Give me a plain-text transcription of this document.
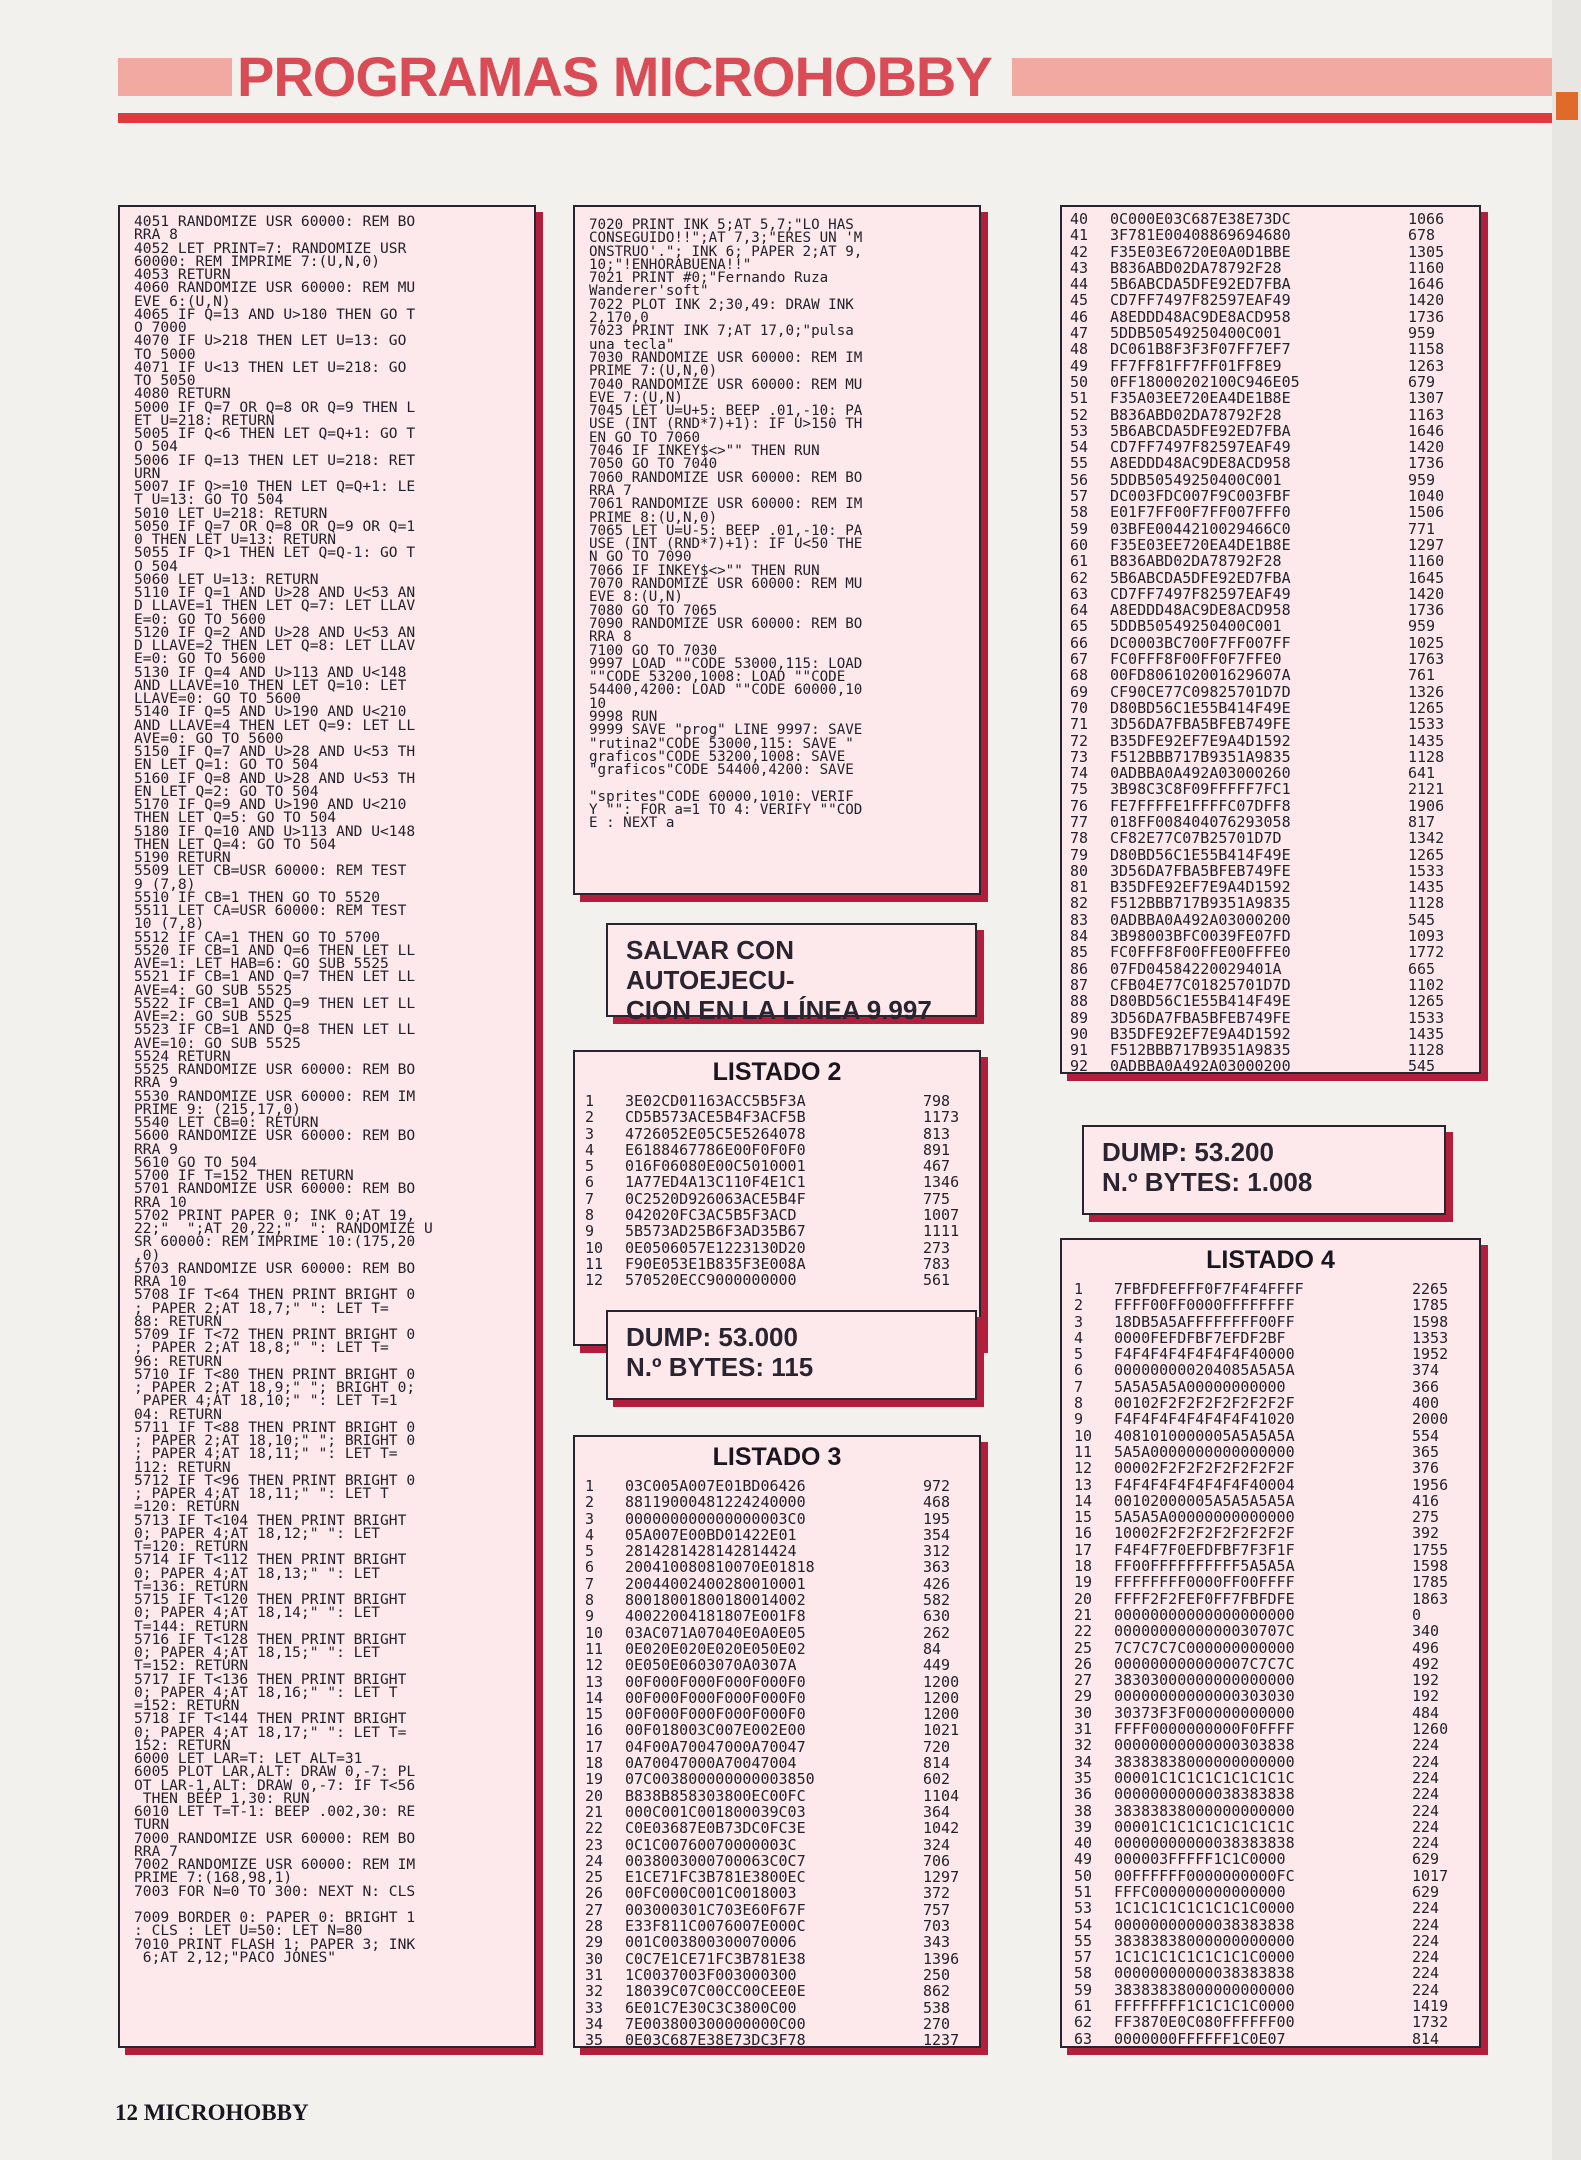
PROGRAMAS MICROHOBBY
4051 RANDOMIZE USR 60000: REM BO
RRA 8
4052 LET PRINT=7: RANDOMIZE USR
60000: REM IMPRIME 7:(U,N,0)
4053 RETURN
4060 RANDOMIZE USR 60000: REM MU
EVE 6:(U,N)
4065 IF Q=13 AND U>180 THEN GO T
O 7000
4070 IF U>218 THEN LET U=13: GO
TO 5000
4071 IF U<13 THEN LET U=218: GO
TO 5050
4080 RETURN
5000 IF Q=7 OR Q=8 OR Q=9 THEN L
ET U=218: RETURN
5005 IF Q<6 THEN LET Q=Q+1: GO T
O 504
5006 IF Q=13 THEN LET U=218: RET
URN
5007 IF Q>=10 THEN LET Q=Q+1: LE
T U=13: GO TO 504
5010 LET U=218: RETURN
5050 IF Q=7 OR Q=8 OR Q=9 OR Q=1
0 THEN LET U=13: RETURN
5055 IF Q>1 THEN LET Q=Q-1: GO T
O 504
5060 LET U=13: RETURN
5110 IF Q=1 AND U>28 AND U<53 AN
D LLAVE=1 THEN LET Q=7: LET LLAV
E=0: GO TO 5600
5120 IF Q=2 AND U>28 AND U<53 AN
D LLAVE=2 THEN LET Q=8: LET LLAV
E=0: GO TO 5600
5130 IF Q=4 AND U>113 AND U<148
AND LLAVE=10 THEN LET Q=10: LET
LLAVE=0: GO TO 5600
5140 IF Q=5 AND U>190 AND U<210
AND LLAVE=4 THEN LET Q=9: LET LL
AVE=0: GO TO 5600
5150 IF Q=7 AND U>28 AND U<53 TH
EN LET Q=1: GO TO 504
5160 IF Q=8 AND U>28 AND U<53 TH
EN LET Q=2: GO TO 504
5170 IF Q=9 AND U>190 AND U<210
THEN LET Q=5: GO TO 504
5180 IF Q=10 AND U>113 AND U<148
THEN LET Q=4: GO TO 504
5190 RETURN
5509 LET CB=USR 60000: REM TEST
9 (7,8)
5510 IF CB=1 THEN GO TO 5520
5511 LET CA=USR 60000: REM TEST
10 (7,8)
5512 IF CA=1 THEN GO TO 5700
5520 IF CB=1 AND Q=6 THEN LET LL
AVE=1: LET HAB=6: GO SUB 5525
5521 IF CB=1 AND Q=7 THEN LET LL
AVE=4: GO SUB 5525
5522 IF CB=1 AND Q=9 THEN LET LL
AVE=2: GO SUB 5525
5523 IF CB=1 AND Q=8 THEN LET LL
AVE=10: GO SUB 5525
5524 RETURN
5525 RANDOMIZE USR 60000: REM BO
RRA 9
5530 RANDOMIZE USR 60000: REM IM
PRIME 9: (215,17,0)
5540 LET CB=0: RETURN
5600 RANDOMIZE USR 60000: REM BO
RRA 9
5610 GO TO 504
5700 IF T=152 THEN RETURN
5701 RANDOMIZE USR 60000: REM BO
RRA 10
5702 PRINT PAPER 0; INK 0;AT 19,
22;"  ";AT 20,22;"  ": RANDOMIZE U
SR 60000: REM IMPRIME 10:(175,20
,0)
5703 RANDOMIZE USR 60000: REM BO
RRA 10
5708 IF T<64 THEN PRINT BRIGHT 0
; PAPER 2;AT 18,7;" ": LET T=
88: RETURN
5709 IF T<72 THEN PRINT BRIGHT 0
; PAPER 2;AT 18,8;" ": LET T=
96: RETURN
5710 IF T<80 THEN PRINT BRIGHT 0
; PAPER 2;AT 18,9;" "; BRIGHT 0;
PAPER 4;AT 18,10;" ": LET T=1
04: RETURN
5711 IF T<88 THEN PRINT BRIGHT 0
; PAPER 2;AT 18,10;" "; BRIGHT 0
; PAPER 4;AT 18,11;" ": LET T=
112: RETURN
5712 IF T<96 THEN PRINT BRIGHT 0
; PAPER 4;AT 18,11;" ": LET T
=120: RETURN
5713 IF T<104 THEN PRINT BRIGHT
0; PAPER 4;AT 18,12;" ": LET
T=120: RETURN
5714 IF T<112 THEN PRINT BRIGHT
0; PAPER 4;AT 18,13;" ": LET
T=136: RETURN
5715 IF T<120 THEN PRINT BRIGHT
0; PAPER 4;AT 18,14;" ": LET
T=144: RETURN
5716 IF T<128 THEN PRINT BRIGHT
0; PAPER 4;AT 18,15;" ": LET
T=152: RETURN
5717 IF T<136 THEN PRINT BRIGHT
0; PAPER 4;AT 18,16;" ": LET T
=152: RETURN
5718 IF T<144 THEN PRINT BRIGHT
0; PAPER 4;AT 18,17;" ": LET T=
152: RETURN
6000 LET LAR=T: LET ALT=31
6005 PLOT LAR,ALT: DRAW 0,-7: PL
OT LAR-1,ALT: DRAW 0,-7: IF T<56
THEN BEEP 1,30: RUN
6010 LET T=T-1: BEEP .002,30: RE
TURN
7000 RANDOMIZE USR 60000: REM BO
RRA 7
7002 RANDOMIZE USR 60000: REM IM
PRIME 7:(168,98,1)
7003 FOR N=0 TO 300: NEXT N: CLS

7009 BORDER 0: PAPER 0: BRIGHT 1
: CLS : LET U=50: LET N=80
7010 PRINT FLASH 1; PAPER 3; INK
6;AT 2,12;"PACO JONES"
7020 PRINT INK 5;AT 5,7;"LO HAS
CONSEGUIDO!!";AT 7,3;"ERES UN 'M
ONSTRUO'."; INK 6; PAPER 2;AT 9,
10;"!ENHORABUENA!!"
7021 PRINT #0;"Fernando Ruza
Wanderer'soft"
7022 PLOT INK 2;30,49: DRAW INK
2,170,0
7023 PRINT INK 7;AT 17,0;"pulsa
una tecla"
7030 RANDOMIZE USR 60000: REM IM
PRIME 7:(U,N,0)
7040 RANDOMIZE USR 60000: REM MU
EVE 7:(U,N)
7045 LET U=U+5: BEEP .01,-10: PA
USE (INT (RND*7)+1): IF U>150 TH
EN GO TO 7060
7046 IF INKEY$<>"" THEN RUN
7050 GO TO 7040
7060 RANDOMIZE USR 60000: REM BO
RRA 7
7061 RANDOMIZE USR 60000: REM IM
PRIME 8:(U,N,0)
7065 LET U=U-5: BEEP .01,-10: PA
USE (INT (RND*7)+1): IF U<50 THE
N GO TO 7090
7066 IF INKEY$<>"" THEN RUN
7070 RANDOMIZE USR 60000: REM MU
EVE 8:(U,N)
7080 GO TO 7065
7090 RANDOMIZE USR 60000: REM BO
RRA 8
7100 GO TO 7030
9997 LOAD ""CODE 53000,115: LOAD
""CODE 53200,1008: LOAD ""CODE
54400,4200: LOAD ""CODE 60000,10
10
9998 RUN
9999 SAVE "prog" LINE 9997: SAVE
"rutina2"CODE 53000,115: SAVE "
graficos"CODE 53200,1008: SAVE
"graficos"CODE 54400,4200: SAVE

"sprites"CODE 60000,1010: VERIF
Y "": FOR a=1 TO 4: VERIFY ""COD
E : NEXT a
SALVAR CON AUTOEJECU-
CION EN LA LÍNEA 9.997
LISTADO 2
1	3E02CD01163ACC5B5F3A	798
2	CD5B573ACE5B4F3ACF5B	1173
3	4726052E05C5E5264078	813
4	E6188467786E00F0F0F0	891
5	016F06080E00C5010001	467
6	1A77ED4A13C110F4E1C1	1346
7	0C2520D926063ACE5B4F	775
8	042020FC3AC5B5F3ACD	1007
9	5B573AD25B6F3AD35B67	1111
10	0E0506057E1223130D20	273
11	F90E053E1B835F3E008A	783
12	570520ECC9000000000	561
DUMP: 53.000
N.º BYTES: 115
LISTADO 3
1	03C005A007E01BD06426	972
2	88119000481224240000	468
3	000000000000000003C0	195
4	05A007E00BD01422E01	354
5	2814281428142814424	312
6	200410080810070E01818	363
7	20044002400280010001	426
8	80018001800180014002	582
9	40022004181807E001F8	630
10	03AC071A07040E0A0E05	262
11	0E020E020E020E050E02	84
12	0E050E0603070A0307A	449
13	00F000F000F000F000F0	1200
14	00F000F000F000F000F0	1200
15	00F000F000F000F000F0	1200
16	00F018003C007E002E00	1021
17	04F00A70047000A70047	720
18	0A70047000A70047004	814
19	07C003800000000003850	602
20	B838B858303800EC00FC	1104
21	000C001C001800039C03	364
22	C0E03687E0B73DC0FC3E	1042
23	0C1C00760070000003C	324
24	0038003000700063C0C7	706
25	E1CE71FC3B781E3800EC	1297
26	00FC000C001C0018003	372
27	003000301C703E60F67F	757
28	E33F811C0076007E000C	703
29	001C003800300070006	343
30	C0C7E1CE71FC3B781E38	1396
31	1C0037003F003000300	250
32	18039C07C00CC00CEE0E	862
33	6E01C7E30C3C3800C00	538
34	7E003800300000000C00	270
35	0E03C687E38E73DC3F78	1237

40	0C000E03C687E38E73DC	1066
41	3F781E00408869694680	678
42	F35E03E6720E0A0D1BBE	1305
43	B836ABD02DA78792F28	1160
44	5B6ABCDA5DFE92ED7FBA	1646
45	CD7FF7497F82597EAF49	1420
46	A8EDDD48AC9DE8ACD958	1736
47	5DDB50549250400C001	959
48	DC061B8F3F3F07FF7EF7	1158
49	FF7FF81FF7FF01FF8E9	1263
50	0FF18000202100C946E05	679
51	F35A03EE720EA4DE1B8E	1307
52	B836ABD02DA78792F28	1163
53	5B6ABCDA5DFE92ED7FBA	1646
54	CD7FF7497F82597EAF49	1420
55	A8EDDD48AC9DE8ACD958	1736
56	5DDB50549250400C001	959
57	DC003FDC007F9C003FBF	1040
58	E01F7FF00F7FF007FFF0	1506
59	03BFE0044210029466C0	771
60	F35E03EE720EA4DE1B8E	1297
61	B836ABD02DA78792F28	1160
62	5B6ABCDA5DFE92ED7FBA	1645
63	CD7FF7497F82597EAF49	1420
64	A8EDDD48AC9DE8ACD958	1736
65	5DDB50549250400C001	959
66	DC0003BC700F7FF007FF	1025
67	FC0FFF8F00FF0F7FFE0	1763
68	00FD806102001629607A	761
69	CF90CE77C09825701D7D	1326
70	D80BD56C1E55B414F49E	1265
71	3D56DA7FBA5BFEB749FE	1533
72	B35DFE92EF7E9A4D1592	1435
73	F512BBB717B9351A9835	1128
74	0ADBBA0A492A03000260	641
75	3B98C3C8F09FFFFF7FC1	2121
76	FE7FFFFE1FFFFC07DFF8	1906
77	018FF008404076293058	817
78	CF82E77C07B25701D7D	1342
79	D80BD56C1E55B414F49E	1265
80	3D56DA7FBA5BFEB749FE	1533
81	B35DFE92EF7E9A4D1592	1435
82	F512BBB717B9351A9835	1128
83	0ADBBA0A492A03000200	545
84	3B98003BFC0039FE07FD	1093
85	FC0FFF8F00FFE00FFFE0	1772
86	07FD04584220029401A	665
87	CFB04E77C01825701D7D	1102
88	D80BD56C1E55B414F49E	1265
89	3D56DA7FBA5BFEB749FE	1533
90	B35DFE92EF7E9A4D1592	1435
91	F512BBB717B9351A9835	1128
92	0ADBBA0A492A03000200	545

DUMP: 53.200
N.º BYTES: 1.008
LISTADO 4
1	7FBFDFEFFF0F7F4F4FFFF	2265
2	FFFF00FF0000FFFFFFFF	1785
3	18DB5A5AFFFFFFFF00FF	1598
4	0000FEFDFBF7EFDF2BF	1353
5	F4F4F4F4F4F4F4F40000	1952
6	000000000204085A5A5A	374
7	5A5A5A5A00000000000	366
8	00102F2F2F2F2F2F2F2F	400
9	F4F4F4F4F4F4F4F41020	2000
10	4081010000005A5A5A5A	554
11	5A5A0000000000000000	365
12	00002F2F2F2F2F2F2F2F	376
13	F4F4F4F4F4F4F4F40004	1956
14	00102000005A5A5A5A5A	416
15	5A5A5A00000000000000	275
16	10002F2F2F2F2F2F2F2F	392
17	F4F4F7F0EFDFBF7F3F1F	1755
18	FF00FFFFFFFFFF5A5A5A	1598
19	FFFFFFFF0000FF00FFFF	1785
20	FFFF2F2FEF0FF7FBFDFE	1863
21	00000000000000000000	0
22	0000000000000030707C	340
25	7C7C7C7C000000000000	496
26	000000000000007C7C7C	492
27	38303000000000000000	192
29	00000000000000303030	192
30	30373F3F000000000000	484
31	FFFF0000000000F0FFFF	1260
32	00000000000000303838	224
34	38383838000000000000	224
35	00001C1C1C1C1C1C1C1C	224
36	00000000000038383838	224
38	38383838000000000000	224
39	00001C1C1C1C1C1C1C1C	224
40	00000000000038383838	224
49	000003FFFFF1C1C0000	629
50	00FFFFFF0000000000FC	1017
51	FFFC000000000000000	629
53	1C1C1C1C1C1C1C1C0000	224
54	00000000000038383838	224
55	38383838000000000000	224
57	1C1C1C1C1C1C1C1C0000	224
58	00000000000038383838	224
59	38383838000000000000	224
61	FFFFFFFF1C1C1C1C0000	1419
62	FF3870E0C080FFFFFF00	1732
63	0000000FFFFFF1C0E07	814

12 MICROHOBBY
